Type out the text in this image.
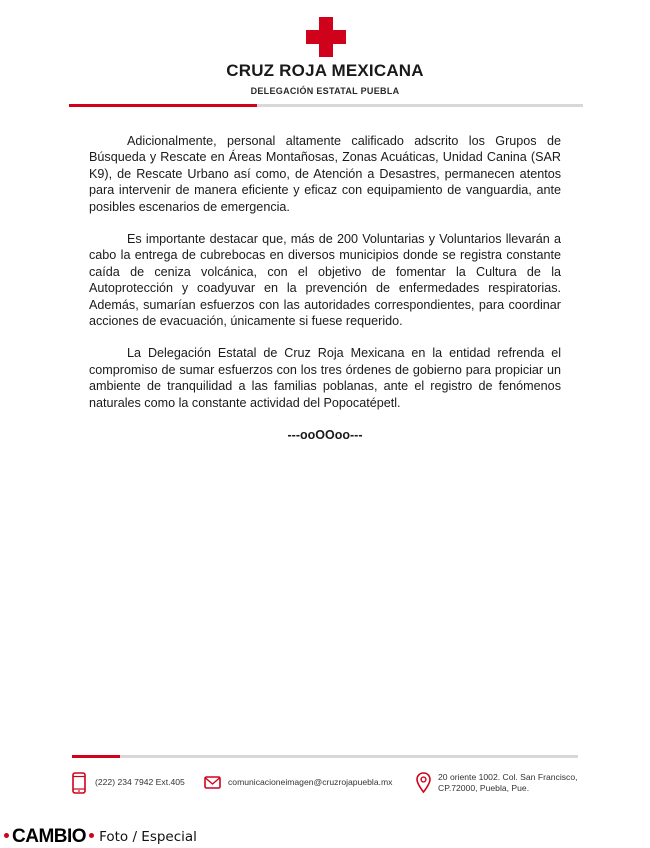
CRUZ ROJA MEXICANA
DELEGACIÓN ESTATAL PUEBLA

Adicionalmente, personal altamente calificado adscrito los Grupos de Búsqueda y Rescate en Áreas Montañosas, Zonas Acuáticas, Unidad Canina (SAR K9), de Rescate Urbano así como, de Atención a Desastres, permanecen atentos para intervenir de manera eficiente y eficaz con equipamiento de vanguardia, ante posibles escenarios de emergencia.

Es importante destacar que, más de 200 Voluntarias y Voluntarios llevarán a cabo la entrega de cubrebocas en diversos municipios donde se registra constante caída de ceniza volcánica, con el objetivo de fomentar la Cultura de la Autoprotección y coadyuvar en la prevención de enfermedades respiratorias. Además, sumarían esfuerzos con las autoridades correspondientes, para coordinar acciones de evacuación, únicamente si fuese requerido.

La Delegación Estatal de Cruz Roja Mexicana en la entidad refrenda el compromiso de sumar esfuerzos con los tres órdenes de gobierno para propiciar un ambiente de tranquilidad a las familias poblanas, ante el registro de fenómenos naturales como la constante actividad del Popocatépetl.

---ooOOoo---
(222) 234 7942 Ext.405	comunicacioneimagen@cruzrojapuebla.mx	20 oriente 1002. Col. San Francisco,
CP.72000, Puebla, Pue.
CAMBIO Foto / Especial
